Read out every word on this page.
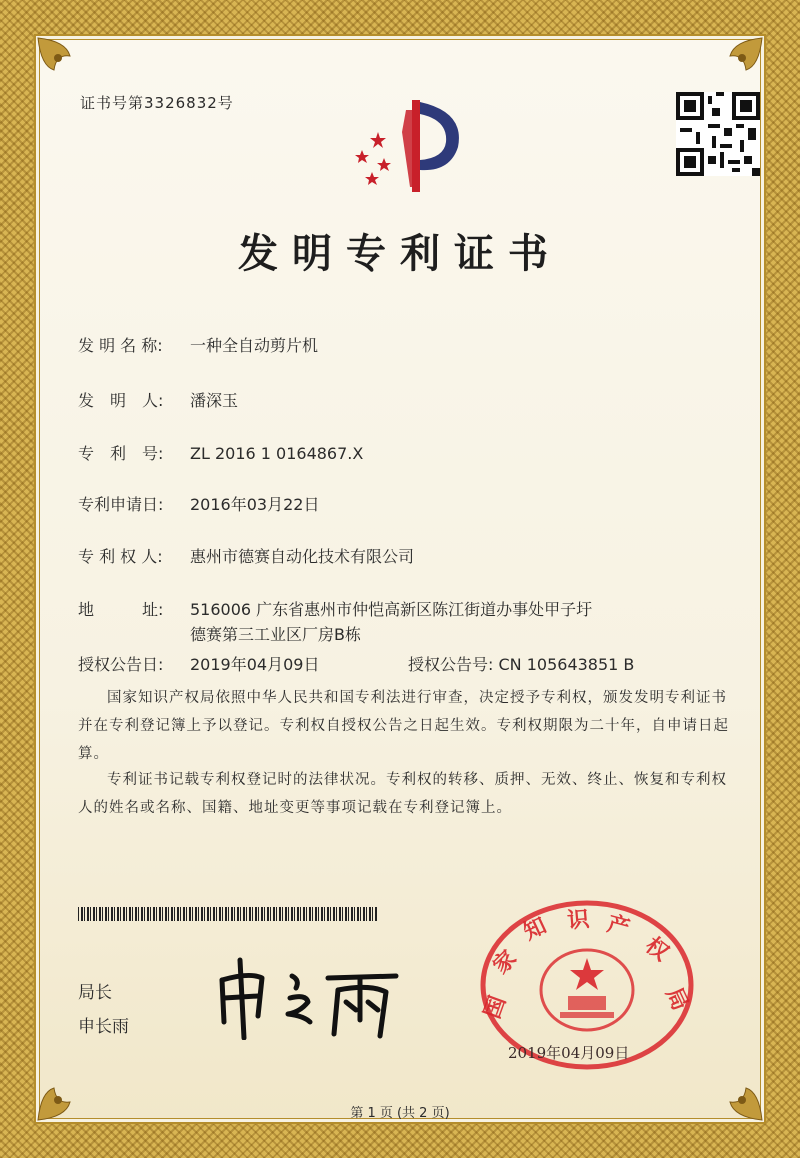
证书号第3326832号
发明专利证书
发 明 名 称: 一种全自动剪片机
发　明　人: 潘深玉
专　利　号: ZL 2016 1 0164867.X
专利申请日: 2016年03月22日
专 利 权 人: 惠州市德赛自动化技术有限公司
地　　　址: 516006 广东省惠州市仲恺高新区陈江街道办事处甲子圩
德赛第三工业区厂房B栋
授权公告日: 2019年04月09日	授权公告号: CN 105643851 B
国家知识产权局依照中华人民共和国专利法进行审查，决定授予专利权，颁发发明专利证书并在专利登记簿上予以登记。专利权自授权公告之日起生效。专利权期限为二十年，自申请日起算。
专利证书记载专利权登记时的法律状况。专利权的转移、质押、无效、终止、恢复和专利权人的姓名或名称、国籍、地址变更等事项记载在专利登记簿上。
局长
申长雨
国
家
知 识 产
权
局
2019年04月09日
第 1 页 (共 2 页)
